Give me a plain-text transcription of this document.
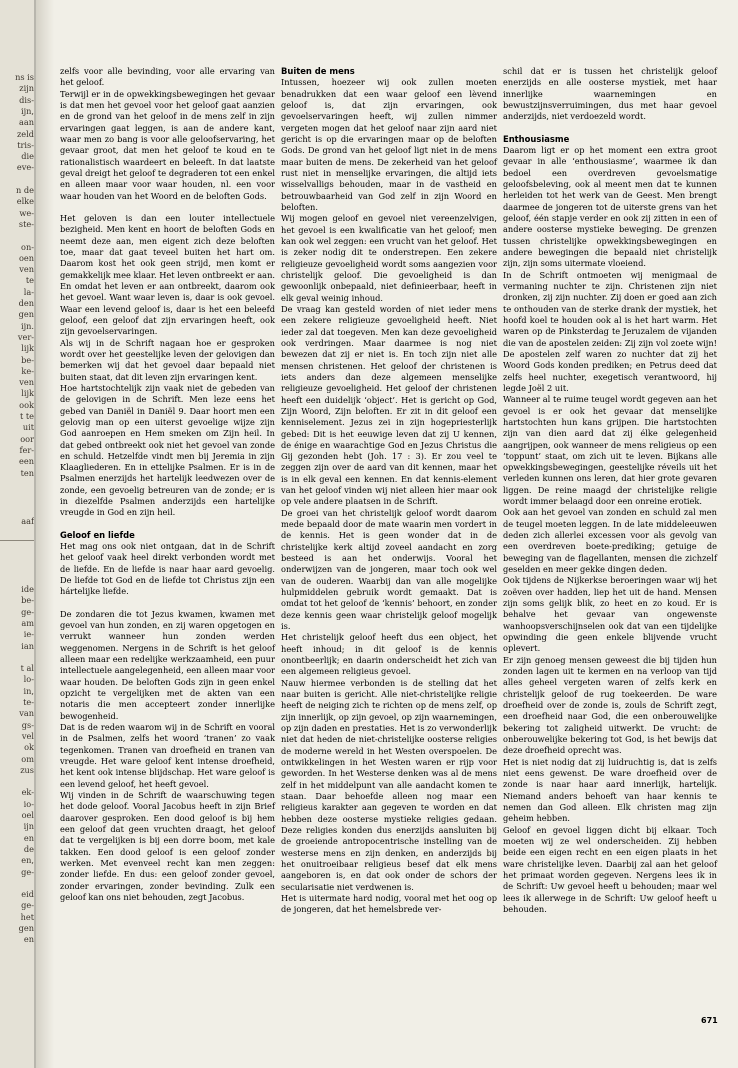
ns is
zijn
dis-
ijn,
aan
zeld
tris-
die
eve-
n de
elke
we-
ste-
on-
oen
ven
te
la-
den
gen
ijn.
ver-
lijk
be-
ke-
ven
lijk
ook
t te
uit
oor
fer-
een
ten
aaf
ide
be-
ge-
am
ie-
ian
t al
lo-
in,
te-
van
gs-
vel
ok
om
zus
ek-
io-
oel
ijn
en
de
en,
ge-
eid
ge-
het
gen
en

zelfs voor alle bevinding, voor alle ervaring van het geloof.

Terwijl er in de opwekkingsbewegingen het gevaar is dat men het gevoel voor het geloof gaat aanzien en de grond van het geloof in de mens zelf in zijn ervaringen gaat leggen, is aan de andere kant, waar men zo bang is voor alle geloofservaring, het gevaar groot, dat men het geloof te koud en te rationalistisch waardeert en beleeft. In dat laatste geval dreigt het geloof te degraderen tot een enkel en alleen maar voor waar houden, nl. een voor waar houden van het Woord en de beloften Gods.

Het geloven is dan een louter intellectuele bezigheid. Men kent en hoort de beloften Gods en neemt deze aan, men eigent zich deze beloften toe, maar dat gaat teveel buiten het hart om. Daarom kost het ook geen strijd, men komt er gemakkelijk mee klaar. Het leven ontbreekt er aan. En omdat het leven er aan ontbreekt, daarom ook het gevoel. Want waar leven is, daar is ook gevoel. Waar een levend geloof is, daar is het een beleefd geloof, een geloof dat zijn ervaringen heeft, ook zijn gevoelservaringen.

Als wij in de Schrift nagaan hoe er gesproken wordt over het geestelijke leven der gelovigen dan bemerken wij dat het gevoel daar bepaald niet buiten staat, dat dit leven zijn ervaringen kent.

Hoe hartstochtelijk zijn vaak niet de gebeden van de gelovigen in de Schrift. Men leze eens het gebed van Daniël in Daniël 9. Daar hoort men een gelovig man op een uiterst gevoelige wijze zijn God aanroepen en Hem smeken om Zijn heil. In dat gebed ontbreekt ook niet het gevoel van zonde en schuld. Hetzelfde vindt men bij Jeremia in zijn Klaagliederen. En in ettelijke Psalmen. Er is in de Psalmen enerzijds het hartelijk leedwezen over de zonde, een gevoelig betreuren van de zonde; er is in diezelfde Psalmen anderzijds een hartelijke vreugde in God en zijn heil.

Geloof en liefde

Het mag ons ook niet ontgaan, dat in de Schrift het geloof vaak heel direkt verbonden wordt met de liefde. En de liefde is naar haar aard gevoelig. De liefde tot God en de liefde tot Christus zijn een hártelijke liefde.

De zondaren die tot Jezus kwamen, kwamen met gevoel van hun zonden, en zij waren opgetogen en verrukt wanneer hun zonden werden weggenomen. Nergens in de Schrift is het geloof alleen maar een redelijke werkzaamheid, een puur intellectuele aangelegenheid, een alleen maar voor waar houden. De beloften Gods zijn in geen enkel opzicht te vergelijken met de akten van een notaris die men accepteert zonder innerlijke bewogenheid.

Dat is de reden waarom wij in de Schrift en vooral in de Psalmen, zelfs het woord ‘tranen’ zo vaak tegenkomen. Tranen van droefheid en tranen van vreugde. Het ware geloof kent intense droefheid, het kent ook intense blijdschap. Het ware geloof is een levend geloof, het heeft gevoel.

Wij vinden in de Schrift de waarschuwing tegen het dode geloof. Vooral Jacobus heeft in zijn Brief daarover gesproken. Een dood geloof is bij hem een geloof dat geen vruchten draagt, het geloof dat te vergelijken is bij een dorre boom, met kale takken. Een dood geloof is een geloof zonder werken. Met evenveel recht kan men zeggen: zonder liefde. En dus: een geloof zonder gevoel, zonder ervaringen, zonder bevinding. Zulk een geloof kan ons niet behouden, zegt Jacobus.

Buiten de mens

Intussen, hoezeer wij ook zullen moeten benadrukken dat een waar geloof een lèvend geloof is, dat zijn ervaringen, ook gevoelservaringen heeft, wij zullen nimmer vergeten mogen dat het geloof naar zijn aard niet gericht is op die ervaringen maar op de beloften Gods. De grond van het geloof ligt niet in de mens maar buiten de mens. De zekerheid van het geloof rust niet in menselijke ervaringen, die altijd iets wisselvalligs behouden, maar in de vastheid en betrouwbaarheid van God zelf in zijn Woord en beloften.

Wij mogen geloof en gevoel niet vereenzelvigen, het gevoel is een kwalificatie van het geloof; men kan ook wel zeggen: een vrucht van het geloof. Het is zeker nodig dit te onderstrepen. Een zekere religieuze gevoeligheid wordt soms aangezien voor christelijk geloof. Die gevoeligheid is dan gewoonlijk onbepaald, niet definieerbaar, heeft in elk geval weinig inhoud.

De vraag kan gesteld worden of niet ieder mens een zekere religieuze gevoeligheid heeft. Niet ieder zal dat toegeven. Men kan deze gevoeligheid ook verdringen. Maar daarmee is nog niet bewezen dat zij er niet is. En toch zijn niet alle mensen christenen. Het geloof der christenen is iets anders dan deze algemeen menselijke religieuze gevoeligheid. Het geloof der christenen heeft een duidelijk ‘object’. Het is gericht op God, Zijn Woord, Zijn beloften. Er zit in dit geloof een kenniselement. Jezus zei in zijn hogepriesterlijk gebed: Dit is het eeuwige leven dat zij U kennen, de énige en waarachtige God en Jezus Christus die Gij gezonden hebt (Joh. 17 : 3). Er zou veel te zeggen zijn over de aard van dit kennen, maar het is in elk geval een kennen. En dat kennis-element van het geloof vinden wij niet alleen hier maar ook op vele andere plaatsen in de Schrift.

De groei van het christelijk geloof wordt daarom mede bepaald door de mate waarin men vordert in de kennis. Het is geen wonder dat in de christelijke kerk altijd zoveel aandacht en zorg besteed is aan het onderwijs. Vooral het onderwijzen van de jongeren, maar toch ook wel van de ouderen. Waarbij dan van alle mogelijke hulpmiddelen gebruik wordt gemaakt. Dat is omdat tot het geloof de ‘kennis’ behoort, en zonder deze kennis geen waar christelijk geloof mogelijk is.

Het christelijk geloof heeft dus een object, het heeft inhoud; in dit geloof is de kennis onontbeerlijk; en daarin onderscheidt het zich van een algemeen religieus gevoel.

Nauw hiermee verbonden is de stelling dat het naar buiten is gericht. Alle niet-christelijke religie heeft de neiging zich te richten op de mens zelf, op zijn innerlijk, op zijn gevoel, op zijn waarnemingen, op zijn daden en prestaties. Het is zo verwonderlijk niet dat heden de niet-christelijke oosterse religies de moderne wereld in het Westen overspoelen. De ontwikkelingen in het Westen waren er rijp voor geworden. In het Westerse denken was al de mens zelf in het middelpunt van alle aandacht komen te staan. Daar behoefde alleen nog maar een religieus karakter aan gegeven te worden en dat hebben deze oosterse mystieke religies gedaan. Deze religies konden dus enerzijds aansluiten bij de groeiende antropocentrische instelling van de westerse mens en zijn denken, en anderzijds bij het onuitroeibaar religieus besef dat elk mens aangeboren is, en dat ook onder de schors der secularisatie niet verdwenen is.

Het is uitermate hard nodig, vooral met het oog op de jongeren, dat het hemelsbrede ver-

schil dat er is tussen het christelijk geloof enerzijds en alle oosterse mystiek, met haar innerlijke waarnemingen en bewustzijnsverruimingen, dus met haar gevoel anderzijds, niet verdoezeld wordt.

Enthousiasme

Daarom ligt er op het moment een extra groot gevaar in alle ‘enthousiasme’, waarmee ik dan bedoel een overdreven gevoelsmatige geloofsbeleving, ook al meent men dat te kunnen herleiden tot het werk van de Geest. Men brengt daarmee de jongeren tot de uiterste grens van het geloof, één stapje verder en ook zij zitten in een of andere oosterse mystieke beweging. De grenzen tussen christelijke opwekkingsbewegingen en andere bewegingen die bepaald niet christelijk zijn, zijn soms uitermate vloeiend.

In de Schrift ontmoeten wij menigmaal de vermaning nuchter te zijn. Christenen zijn niet dronken, zij zijn nuchter. Zij doen er goed aan zich te onthouden van de sterke drank der mystiek, het hoofd koel te houden ook al is het hart warm. Het waren op de Pinksterdag te Jeruzalem de vijanden die van de apostelen zeiden: Zij zijn vol zoete wijn! De apostelen zelf waren zo nuchter dat zij het Woord Gods konden prediken; en Petrus deed dat zelfs heel nuchter, exegetisch verantwoord, hij legde Joël 2 uit.

Wanneer al te ruime teugel wordt gegeven aan het gevoel is er ook het gevaar dat menselijke hartstochten hun kans grijpen. Die hartstochten zijn van dien aard dat zij élke gelegenheid aangrijpen, ook wanneer de mens religieus op een ‘toppunt’ staat, om zich uit te leven. Bijkans alle opwekkingsbewegingen, geestelijke réveils uit het verleden kunnen ons leren, dat hier grote gevaren liggen. De reine maagd der christelijke religie wordt immer belaagd door een onreine erotiek.

Ook aan het gevoel van zonden en schuld zal men de teugel moeten leggen. In de late middeleeuwen deden zich allerlei excessen voor als gevolg van een overdreven boete-prediking; getuige de beweging van de flagellanten, mensen die zichzelf geselden en meer gekke dingen deden.

Ook tijdens de Nijkerkse beroeringen waar wij het zoëven over hadden, liep het uit de hand. Mensen zijn soms gelijk blik, zo heet en zo koud. Er is behalve het gevaar van ongewenste wanhoopsverschijnselen ook dat van een tijdelijke opwinding die geen enkele blijvende vrucht oplevert.

Er zijn genoeg mensen geweest die bij tijden hun zonden lagen uit te kermen en na verloop van tijd alles geheel vergeten waren of zelfs kerk en christelijk geloof de rug toekeerden. De ware droefheid over de zonde is, zouls de Schrift zegt, een droefheid naar God, die een onberouwelijke bekering tot zaligheid uitwerkt. De vrucht: de onberouwelijke bekering tot God, is het bewijs dat deze droefheid oprecht was.

Het is niet nodig dat zij luidruchtig is, dat is zelfs niet eens gewenst. De ware droefheid over de zonde is naar haar aard innerlijk, hartelijk. Niemand anders behoeft van haar kennis te nemen dan God alleen. Elk christen mag zijn geheim hebben.

Geloof en gevoel liggen dicht bij elkaar. Toch moeten wij ze wel onderscheiden. Zij hebben beide een eigen recht en een eigen plaats in het ware christelijke leven. Daarbij zal aan het geloof het primaat worden gegeven. Nergens lees ik in de Schrift: Uw gevoel heeft u behouden; maar wel lees ik allerwege in de Schrift: Uw geloof heeft u behouden.

671
